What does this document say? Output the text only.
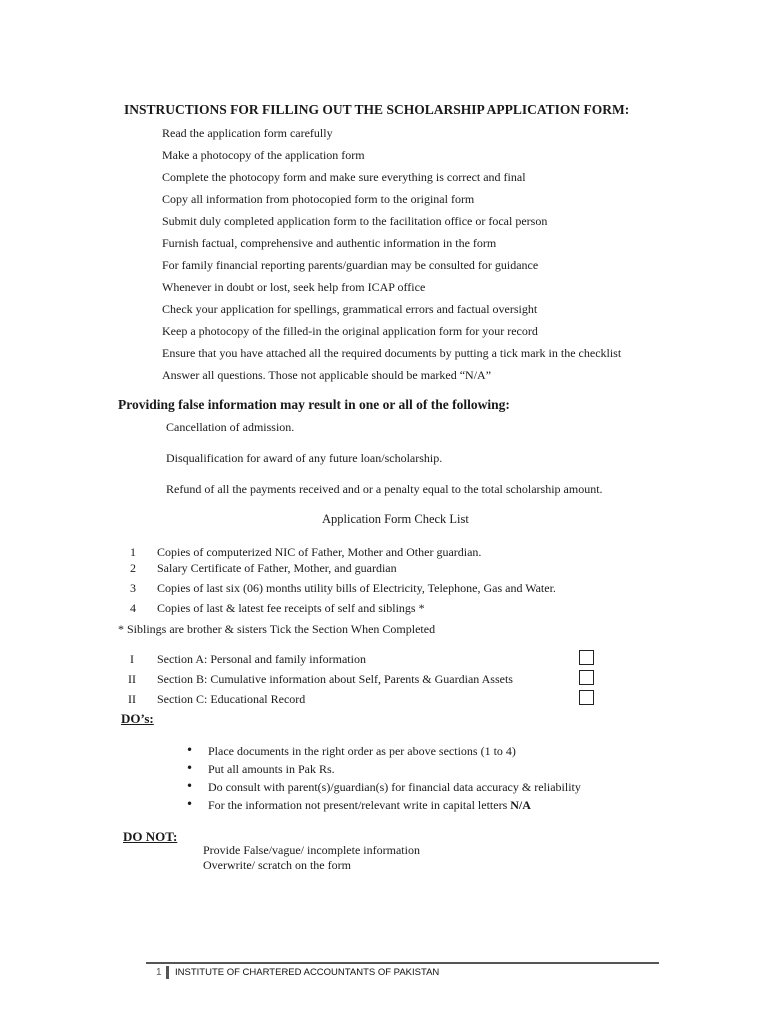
INSTRUCTIONS FOR FILLING OUT THE SCHOLARSHIP APPLICATION FORM:
Read the application form carefully
Make a photocopy of the application form
Complete the photocopy form and make sure everything is correct and final
Copy all information from photocopied form to the original form
Submit duly completed application form to the facilitation office or focal person
Furnish factual, comprehensive and authentic information in the form
For family financial reporting parents/guardian may be consulted for guidance
Whenever in doubt or lost, seek help from ICAP office
Check your application for spellings, grammatical errors and factual oversight
Keep a photocopy of the filled-in the original application form for your record
Ensure that you have attached all the required documents by putting a tick mark in the checklist
Answer all questions. Those not applicable should be marked “N/A”
Providing false information may result in one or all of the following:
Cancellation of admission.
Disqualification for award of any future loan/scholarship.
Refund of all the payments received and or a penalty equal to the total scholarship amount.
Application Form Check List
1 Copies of computerized NIC of Father, Mother and Other guardian.
2 Salary Certificate of Father, Mother, and guardian
3 Copies of last six (06) months utility bills of Electricity, Telephone, Gas and Water.
4 Copies of last & latest fee receipts of self and siblings *
* Siblings are brother & sisters Tick the Section When Completed
I Section A: Personal and family information
II Section B: Cumulative information about Self, Parents & Guardian Assets
II Section C: Educational Record
DO’s:
• Place documents in the right order as per above sections (1 to 4)
• Put all amounts in Pak Rs.
• Do consult with parent(s)/guardian(s) for financial data accuracy & reliability
• For the information not present/relevant write in capital letters N/A
DO NOT:
Provide False/vague/ incomplete information
Overwrite/ scratch on the form
1 INSTITUTE OF CHARTERED ACCOUNTANTS OF PAKISTAN
